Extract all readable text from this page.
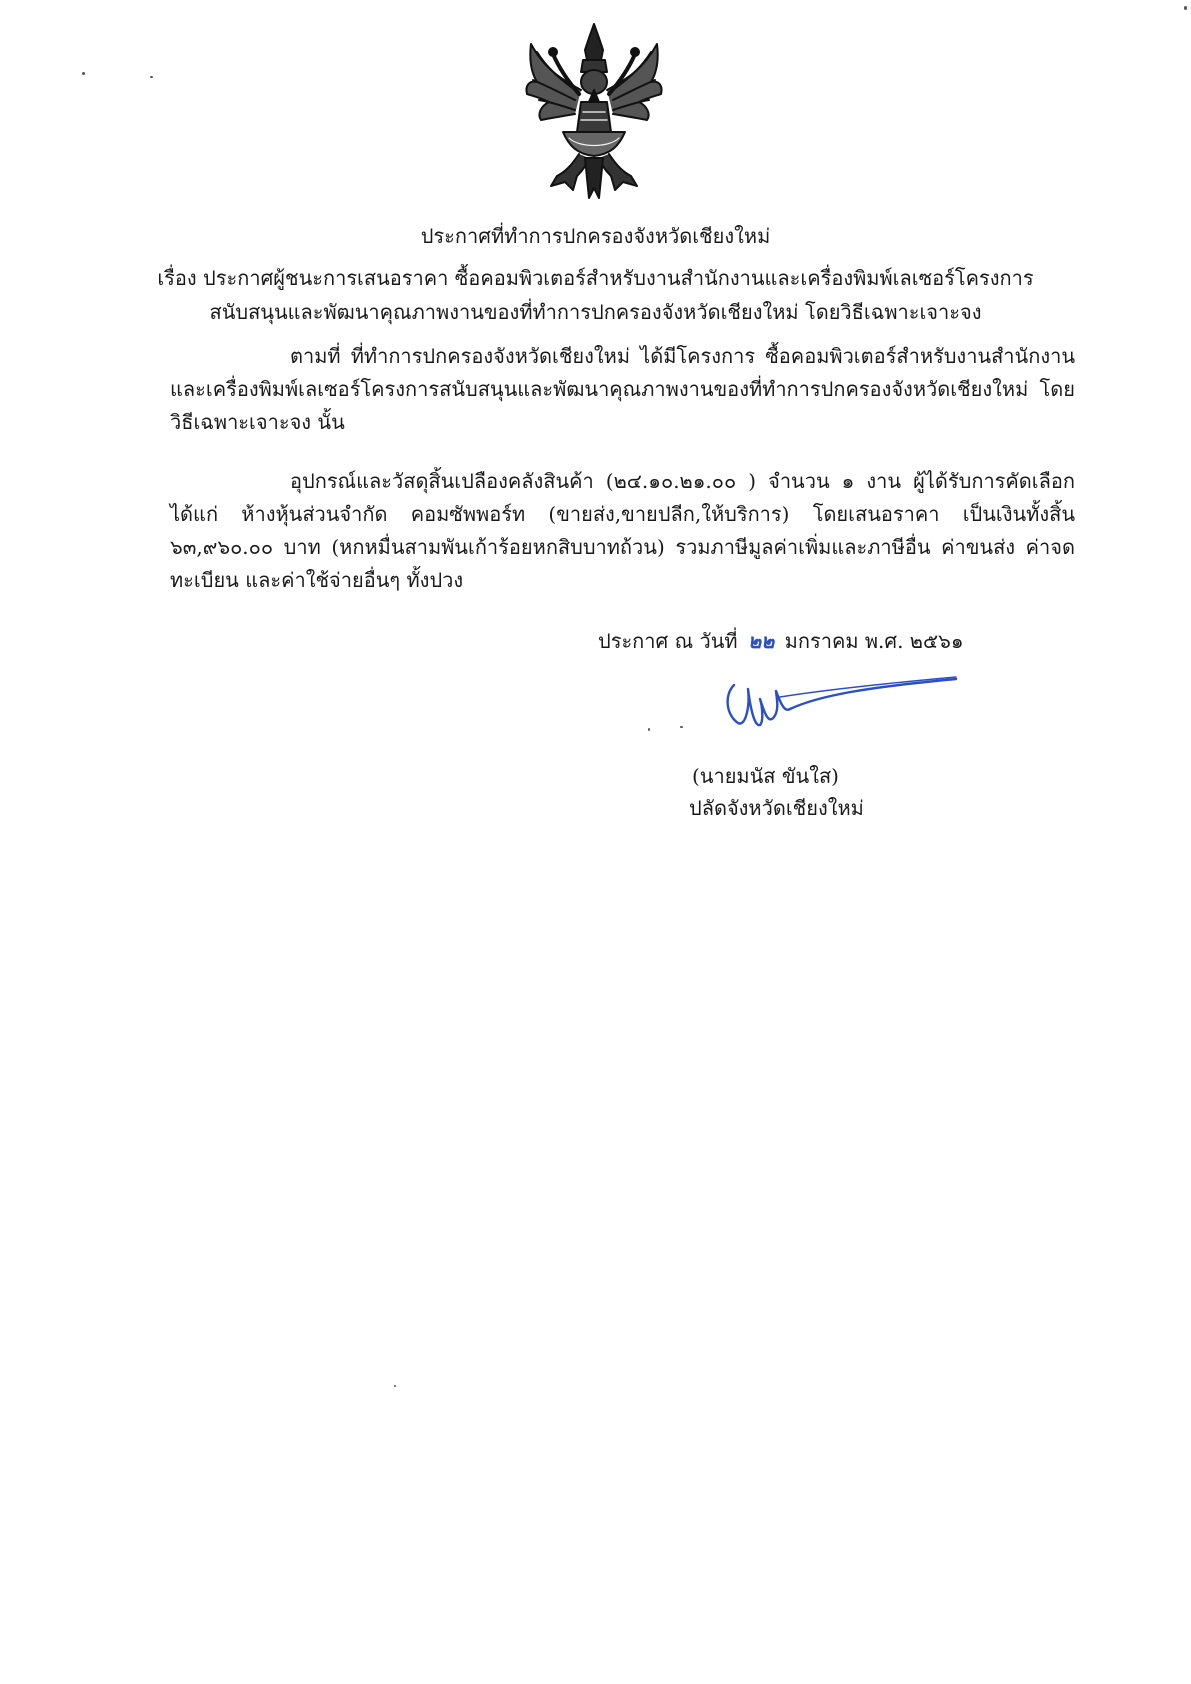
ประกาศที่ทำการปกครองจังหวัดเชียงใหม่
เรื่อง ประกาศผู้ชนะการเสนอราคา ซื้อคอมพิวเตอร์สำหรับงานสำนักงานและเครื่องพิมพ์เลเซอร์โครงการ
สนับสนุนและพัฒนาคุณภาพงานของที่ทำการปกครองจังหวัดเชียงใหม่ โดยวิธีเฉพาะเจาะจง
ตามที่ ที่ทำการปกครองจังหวัดเชียงใหม่ ได้มีโครงการ ซื้อคอมพิวเตอร์สำหรับงานสำนักงานและเครื่องพิมพ์เลเซอร์โครงการสนับสนุนและพัฒนาคุณภาพงานของที่ทำการปกครองจังหวัดเชียงใหม่ โดยวิธีเฉพาะเจาะจง นั้น
อุปกรณ์และวัสดุสิ้นเปลืองคลังสินค้า (๒๔.๑๐.๒๑.๐๐ ) จำนวน ๑ งาน ผู้ได้รับการคัดเลือก ได้แก่ ห้างหุ้นส่วนจำกัด คอมซัพพอร์ท (ขายส่ง,ขายปลีก,ให้บริการ) โดยเสนอราคา เป็นเงินทั้งสิ้น ๖๓,๙๖๐.๐๐ บาท (หกหมื่นสามพันเก้าร้อยหกสิบบาทถ้วน) รวมภาษีมูลค่าเพิ่มและภาษีอื่น ค่าขนส่ง ค่าจดทะเบียน และค่าใช้จ่ายอื่นๆ ทั้งปวง
ประกาศ ณ วันที่ ๒๒ มกราคม พ.ศ. ๒๕๖๑
(นายมนัส ขันใส)
ปลัดจังหวัดเชียงใหม่
